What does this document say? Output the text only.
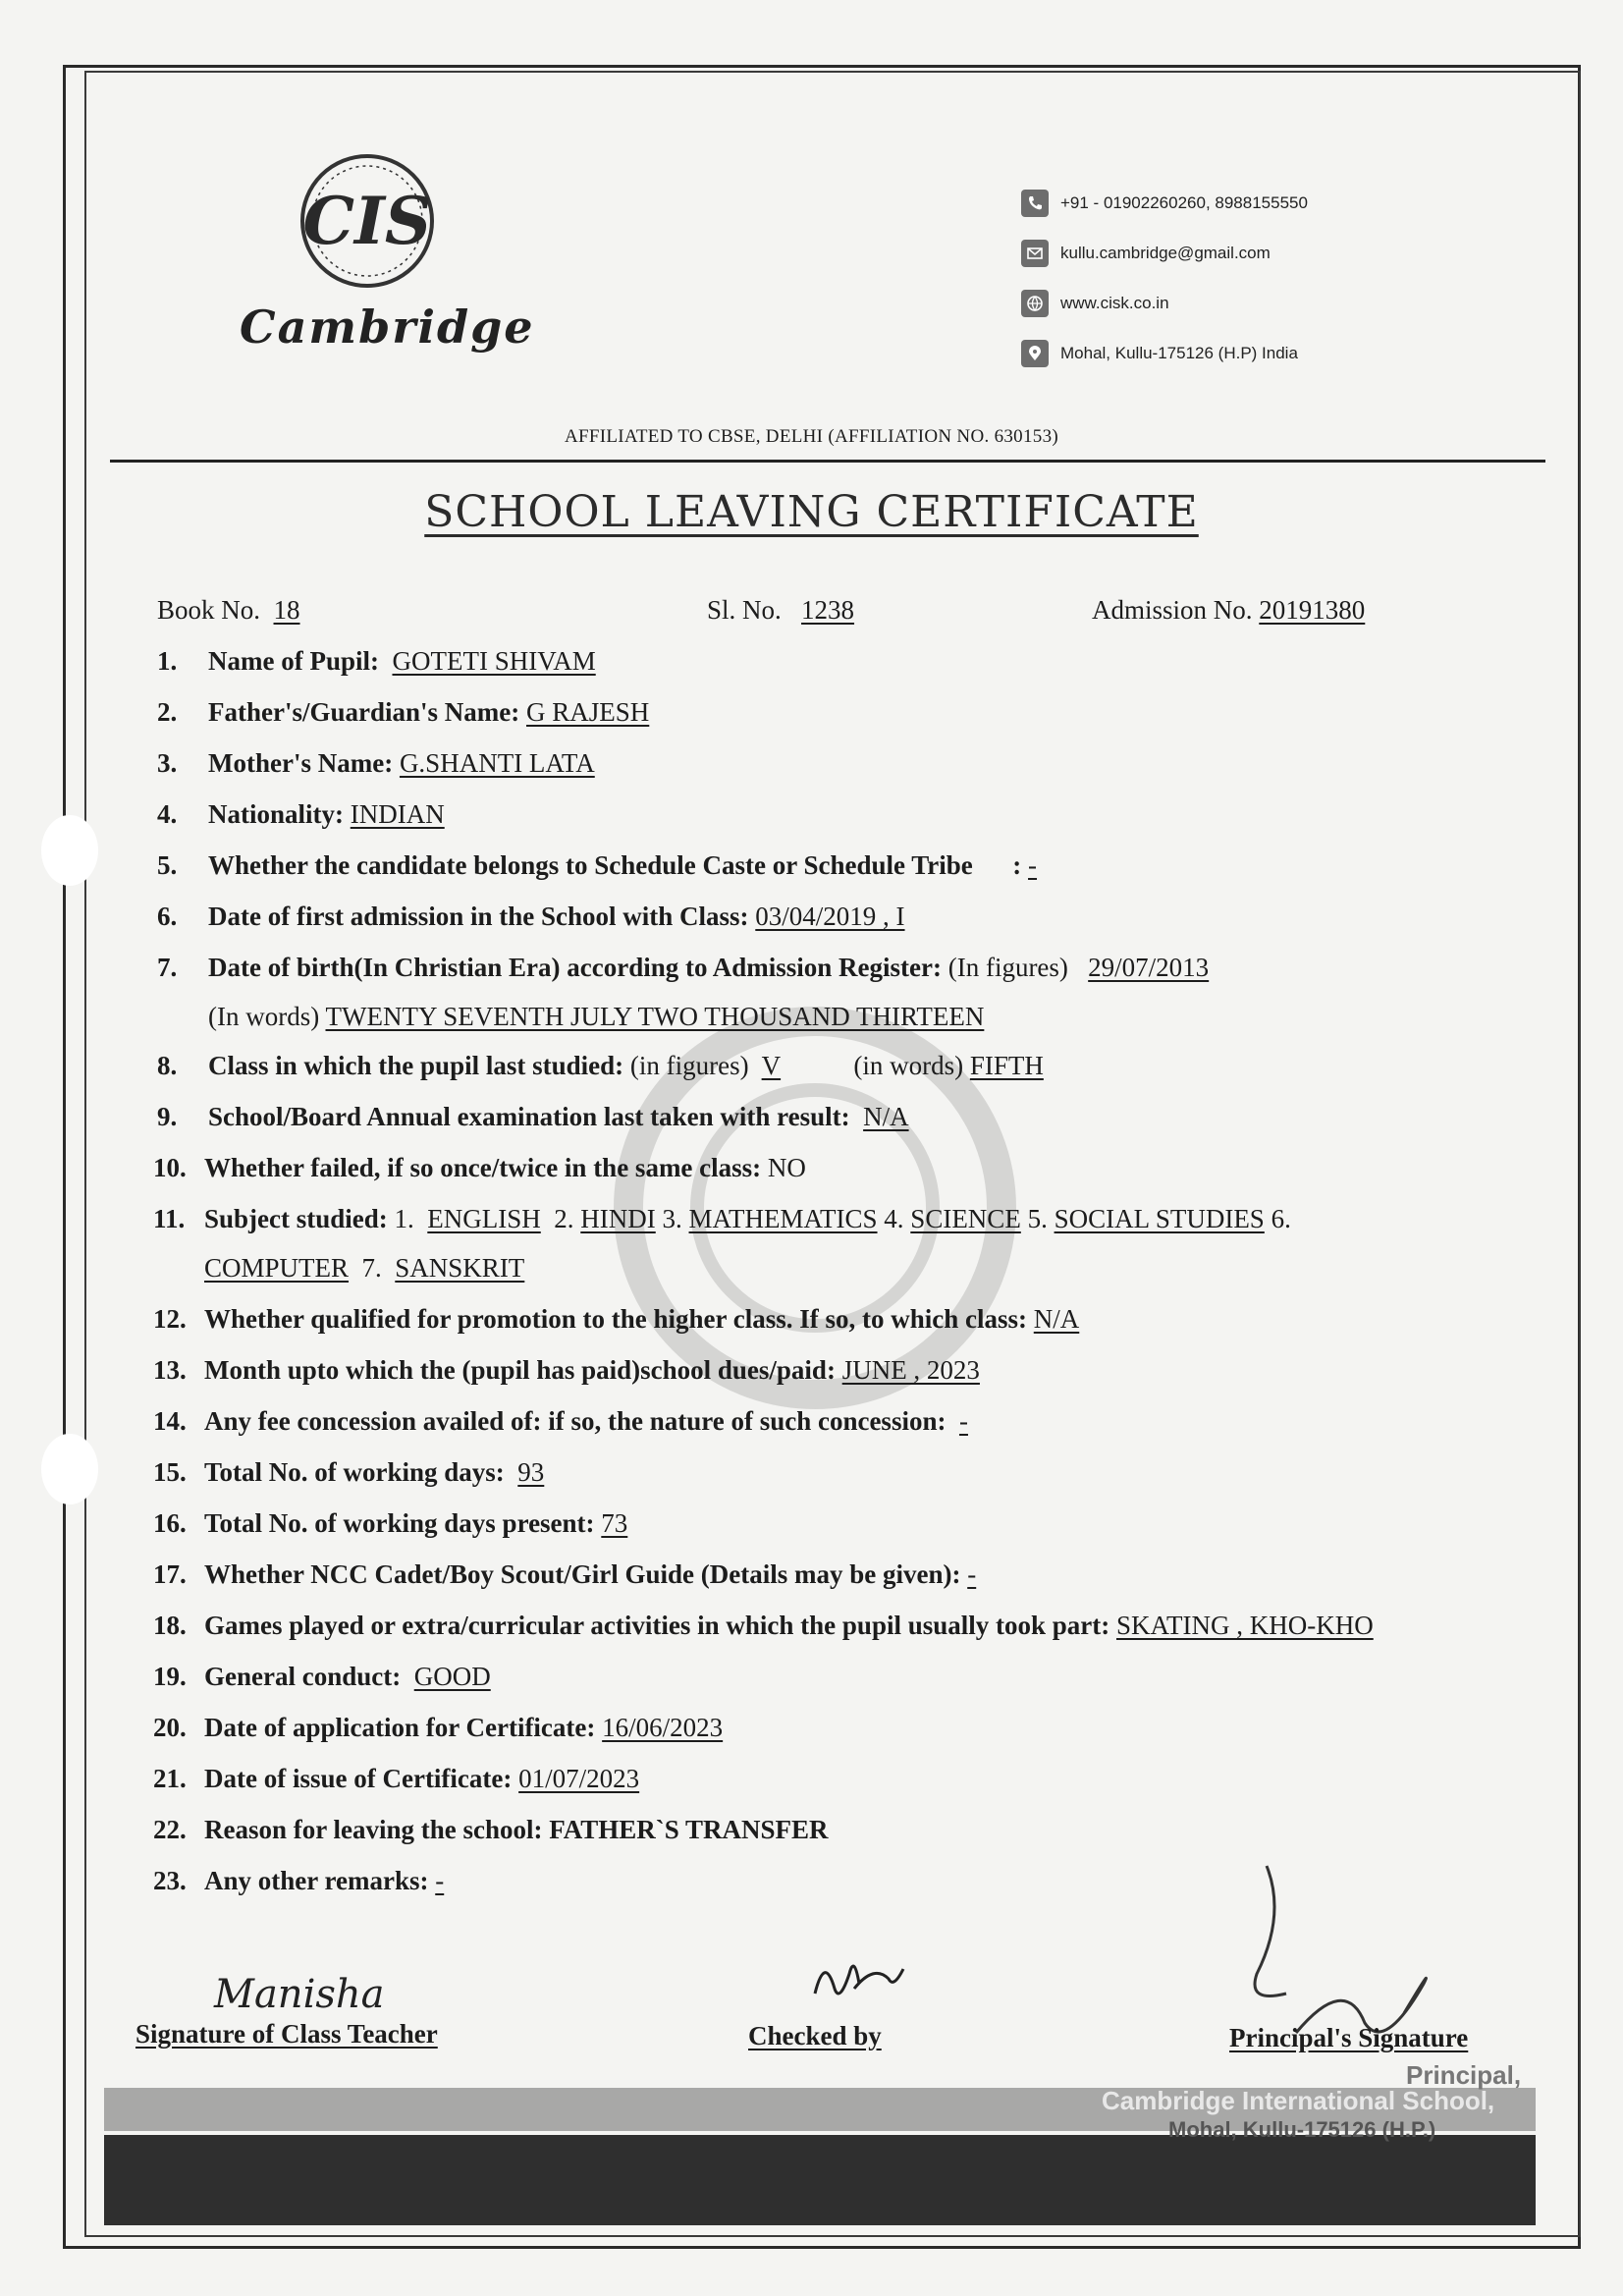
CIS
Cambridge
+91 - 01902260260, 8988155550
kullu.cambridge@gmail.com
www.cisk.co.in
Mohal, Kullu-175126 (H.P) India
AFFILIATED TO CBSE, DELHI (AFFILIATION NO. 630153)
SCHOOL LEAVING CERTIFICATE
Book No. 18	Sl. No. 1238	Admission No. 20191380
1. Name of Pupil: GOTETI SHIVAM
2. Father's/Guardian's Name: G RAJESH
3. Mother's Name: G.SHANTI LATA
4. Nationality: INDIAN
5. Whether the candidate belongs to Schedule Caste or Schedule Tribe : -
6. Date of first admission in the School with Class: 03/04/2019 , I
7. Date of birth(In Christian Era) according to Admission Register: (In figures) 29/07/2013
(In words) TWENTY SEVENTH JULY TWO THOUSAND THIRTEEN
8. Class in which the pupil last studied: (in figures) V	(in words) FIFTH
9. School/Board Annual examination last taken with result: N/A
10. Whether failed, if so once/twice in the same class: NO
11. Subject studied: 1. ENGLISH 2. HINDI 3. MATHEMATICS 4. SCIENCE 5. SOCIAL STUDIES 6.
COMPUTER 7. SANSKRIT
12. Whether qualified for promotion to the higher class. If so, to which class: N/A
13. Month upto which the (pupil has paid)school dues/paid: JUNE , 2023
14. Any fee concession availed of: if so, the nature of such concession: -
15. Total No. of working days: 93
16. Total No. of working days present: 73
17. Whether NCC Cadet/Boy Scout/Girl Guide (Details may be given): -
18. Games played or extra/curricular activities in which the pupil usually took part: SKATING , KHO-KHO
19. General conduct: GOOD
20. Date of application for Certificate: 16/06/2023
21. Date of issue of Certificate: 01/07/2023
22. Reason for leaving the school: FATHER`S TRANSFER
23. Any other remarks: -
Manisha
Signature of Class Teacher	Checked by	Principal's Signature
Principal,
Cambridge International School,
Mohal, Kullu-175126 (H.P.)
